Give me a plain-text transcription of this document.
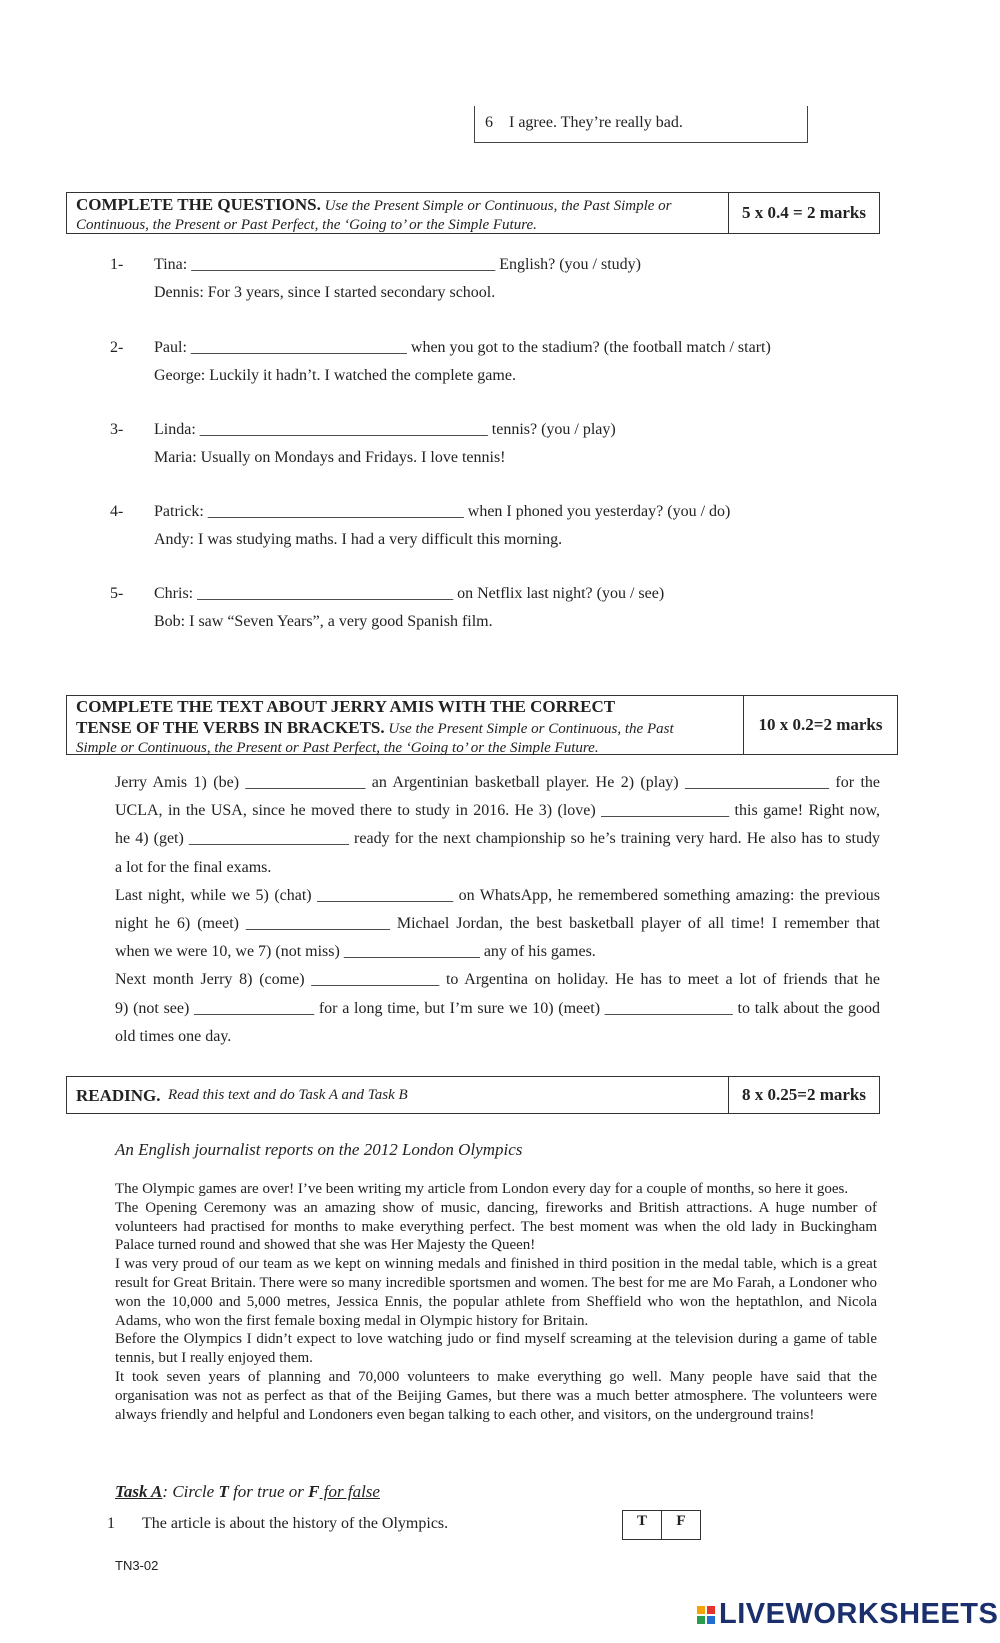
6 I agree. They’re really bad.
COMPLETE THE QUESTIONS. Use the Present Simple or Continuous, the Past Simple or Continuous, the Present or Past Perfect, the ‘Going to’ or the Simple Future.
5 x 0.4 = 2 marks
1- Tina: ______________________________________ English? (you / study)
Dennis: For 3 years, since I started secondary school.
2- Paul: ___________________________ when you got to the stadium? (the football match / start)
George: Luckily it hadn’t. I watched the complete game.
3- Linda: ____________________________________ tennis? (you / play)
Maria: Usually on Mondays and Fridays. I love tennis!
4- Patrick: ________________________________ when I phoned you yesterday? (you / do)
Andy: I was studying maths. I had a very difficult this morning.
5- Chris: ________________________________ on Netflix last night? (you / see)
Bob: I saw “Seven Years”, a very good Spanish film.
COMPLETE THE TEXT ABOUT JERRY AMIS WITH THE CORRECT
TENSE OF THE VERBS IN BRACKETS. Use the Present Simple or Continuous, the Past
Simple or Continuous, the Present or Past Perfect, the ‘Going to’ or the Simple Future.
10 x 0.2=2 marks
Jerry Amis 1) (be) _______________ an Argentinian basketball player. He 2) (play) __________________ for the
UCLA, in the USA, since he moved there to study in 2016. He 3) (love) ________________ this game! Right now,
he 4) (get) ____________________ ready for the next championship so he’s training very hard. He also has to study
a lot for the final exams.
Last night, while we 5) (chat) _________________ on WhatsApp, he remembered something amazing: the previous
night he 6) (meet) __________________ Michael Jordan, the best basketball player of all time! I remember that
when we were 10, we 7) (not miss) _________________ any of his games.
Next month Jerry 8) (come) ________________ to Argentina on holiday. He has to meet a lot of friends that he
9) (not see) _______________ for a long time, but I’m sure we 10) (meet) ________________ to talk about the good
old times one day.
READING.
Read this text and do Task A and Task B	8 x 0.25=2 marks
An English journalist reports on the 2012 London Olympics

The Olympic games are over! I’ve been writing my article from London every day for a couple of months, so here it goes.

The Opening Ceremony was an amazing show of music, dancing, fireworks and British attractions. A huge number of volunteers had practised for months to make everything perfect. The best moment was when the old lady in Buckingham Palace turned round and showed that she was Her Majesty the Queen!

I was very proud of our team as we kept on winning medals and finished in third position in the medal table, which is a great result for Great Britain. There were so many incredible sportsmen and women. The best for me are Mo Farah, a Londoner who won the 10,000 and 5,000 metres, Jessica Ennis, the popular athlete from Sheffield who won the heptathlon, and Nicola Adams, who won the first female boxing medal in Olympic history for Britain.

Before the Olympics I didn’t expect to love watching judo or find myself screaming at the television during a game of table tennis, but I really enjoyed them.

It took seven years of planning and 70,000 volunteers to make everything go well. Many people have said that the organisation was not as perfect as that of the Beijing Games, but there was a much better atmosphere. The volunteers were always friendly and helpful and Londoners even began talking to each other, and visitors, on the underground trains!

Task A: Circle T for true or F for false
1 The article is about the history of the Olympics.	T	F
TN3-02
LIVEWORKSHEETS
